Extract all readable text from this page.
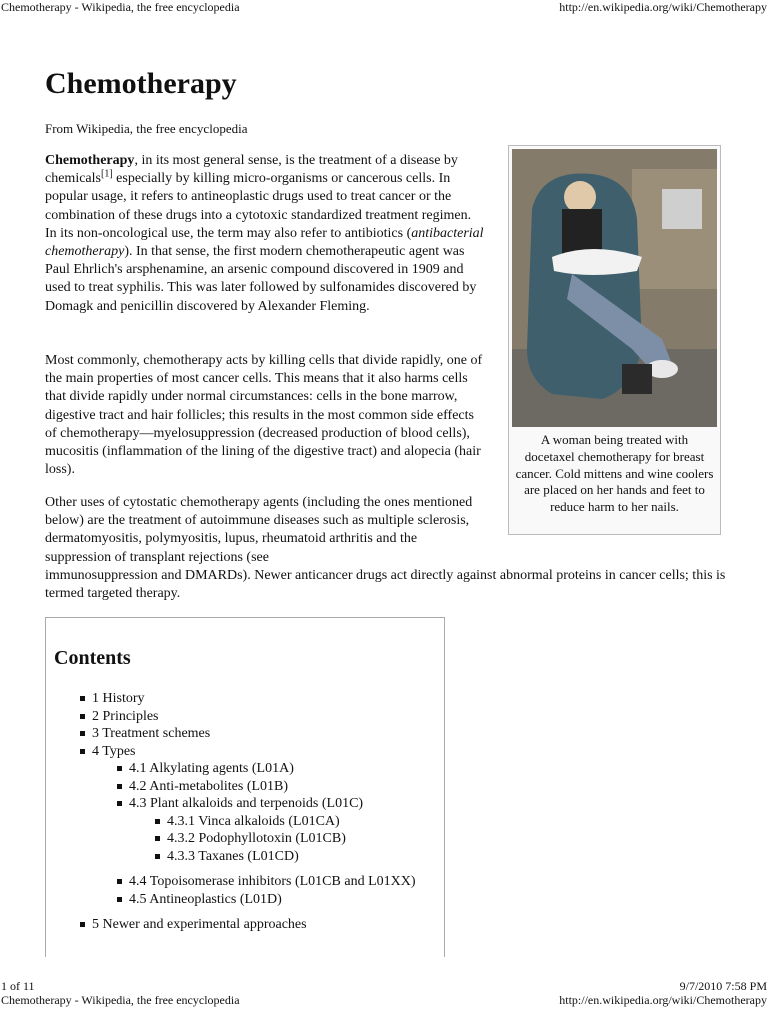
Chemotherapy - Wikipedia, the free encyclopedia	http://en.wikipedia.org/wiki/Chemotherapy
Chemotherapy
From Wikipedia, the free encyclopedia

Chemotherapy, in its most general sense, is the treatment of a disease by chemicals[1] especially by killing micro-organisms or cancerous cells. In popular usage, it refers to antineoplastic drugs used to treat cancer or the combination of these drugs into a cytotoxic standardized treatment regimen. In its non-oncological use, the term may also refer to antibiotics (antibacterial chemotherapy). In that sense, the first modern chemotherapeutic agent was Paul Ehrlich's arsphenamine, an arsenic compound discovered in 1909 and used to treat syphilis. This was later followed by sulfonamides discovered by Domagk and penicillin discovered by Alexander Fleming.

Most commonly, chemotherapy acts by killing cells that divide rapidly, one of the main properties of most cancer cells. This means that it also harms cells that divide rapidly under normal circumstances: cells in the bone marrow, digestive tract and hair follicles; this results in the most common side effects of chemotherapy—myelosuppression (decreased production of blood cells), mucositis (inflammation of the lining of the digestive tract) and alopecia (hair loss).

Other uses of cytostatic chemotherapy agents (including the ones mentioned below) are the treatment of autoimmune diseases such as multiple sclerosis, dermatomyositis, polymyositis, lupus, rheumatoid arthritis and the suppression of transplant rejections (see

immunosuppression and DMARDs). Newer anticancer drugs act directly against abnormal proteins in cancer cells; this is termed targeted therapy.

A woman being treated with docetaxel chemotherapy for breast cancer. Cold mittens and wine coolers are placed on her hands and feet to reduce harm to her nails.
Contents
1 History
2 Principles
3 Treatment schemes
4 Types
4.1 Alkylating agents (L01A)
4.2 Anti-metabolites (L01B)
4.3 Plant alkaloids and terpenoids (L01C)
4.3.1 Vinca alkaloids (L01CA)
4.3.2 Podophyllotoxin (L01CB)
4.3.3 Taxanes (L01CD)
4.4 Topoisomerase inhibitors (L01CB and L01XX)
4.5 Antineoplastics (L01D)
5 Newer and experimental approaches
1 of 11	9/7/2010 7:58 PM
Chemotherapy - Wikipedia, the free encyclopedia	http://en.wikipedia.org/wiki/Chemotherapy
